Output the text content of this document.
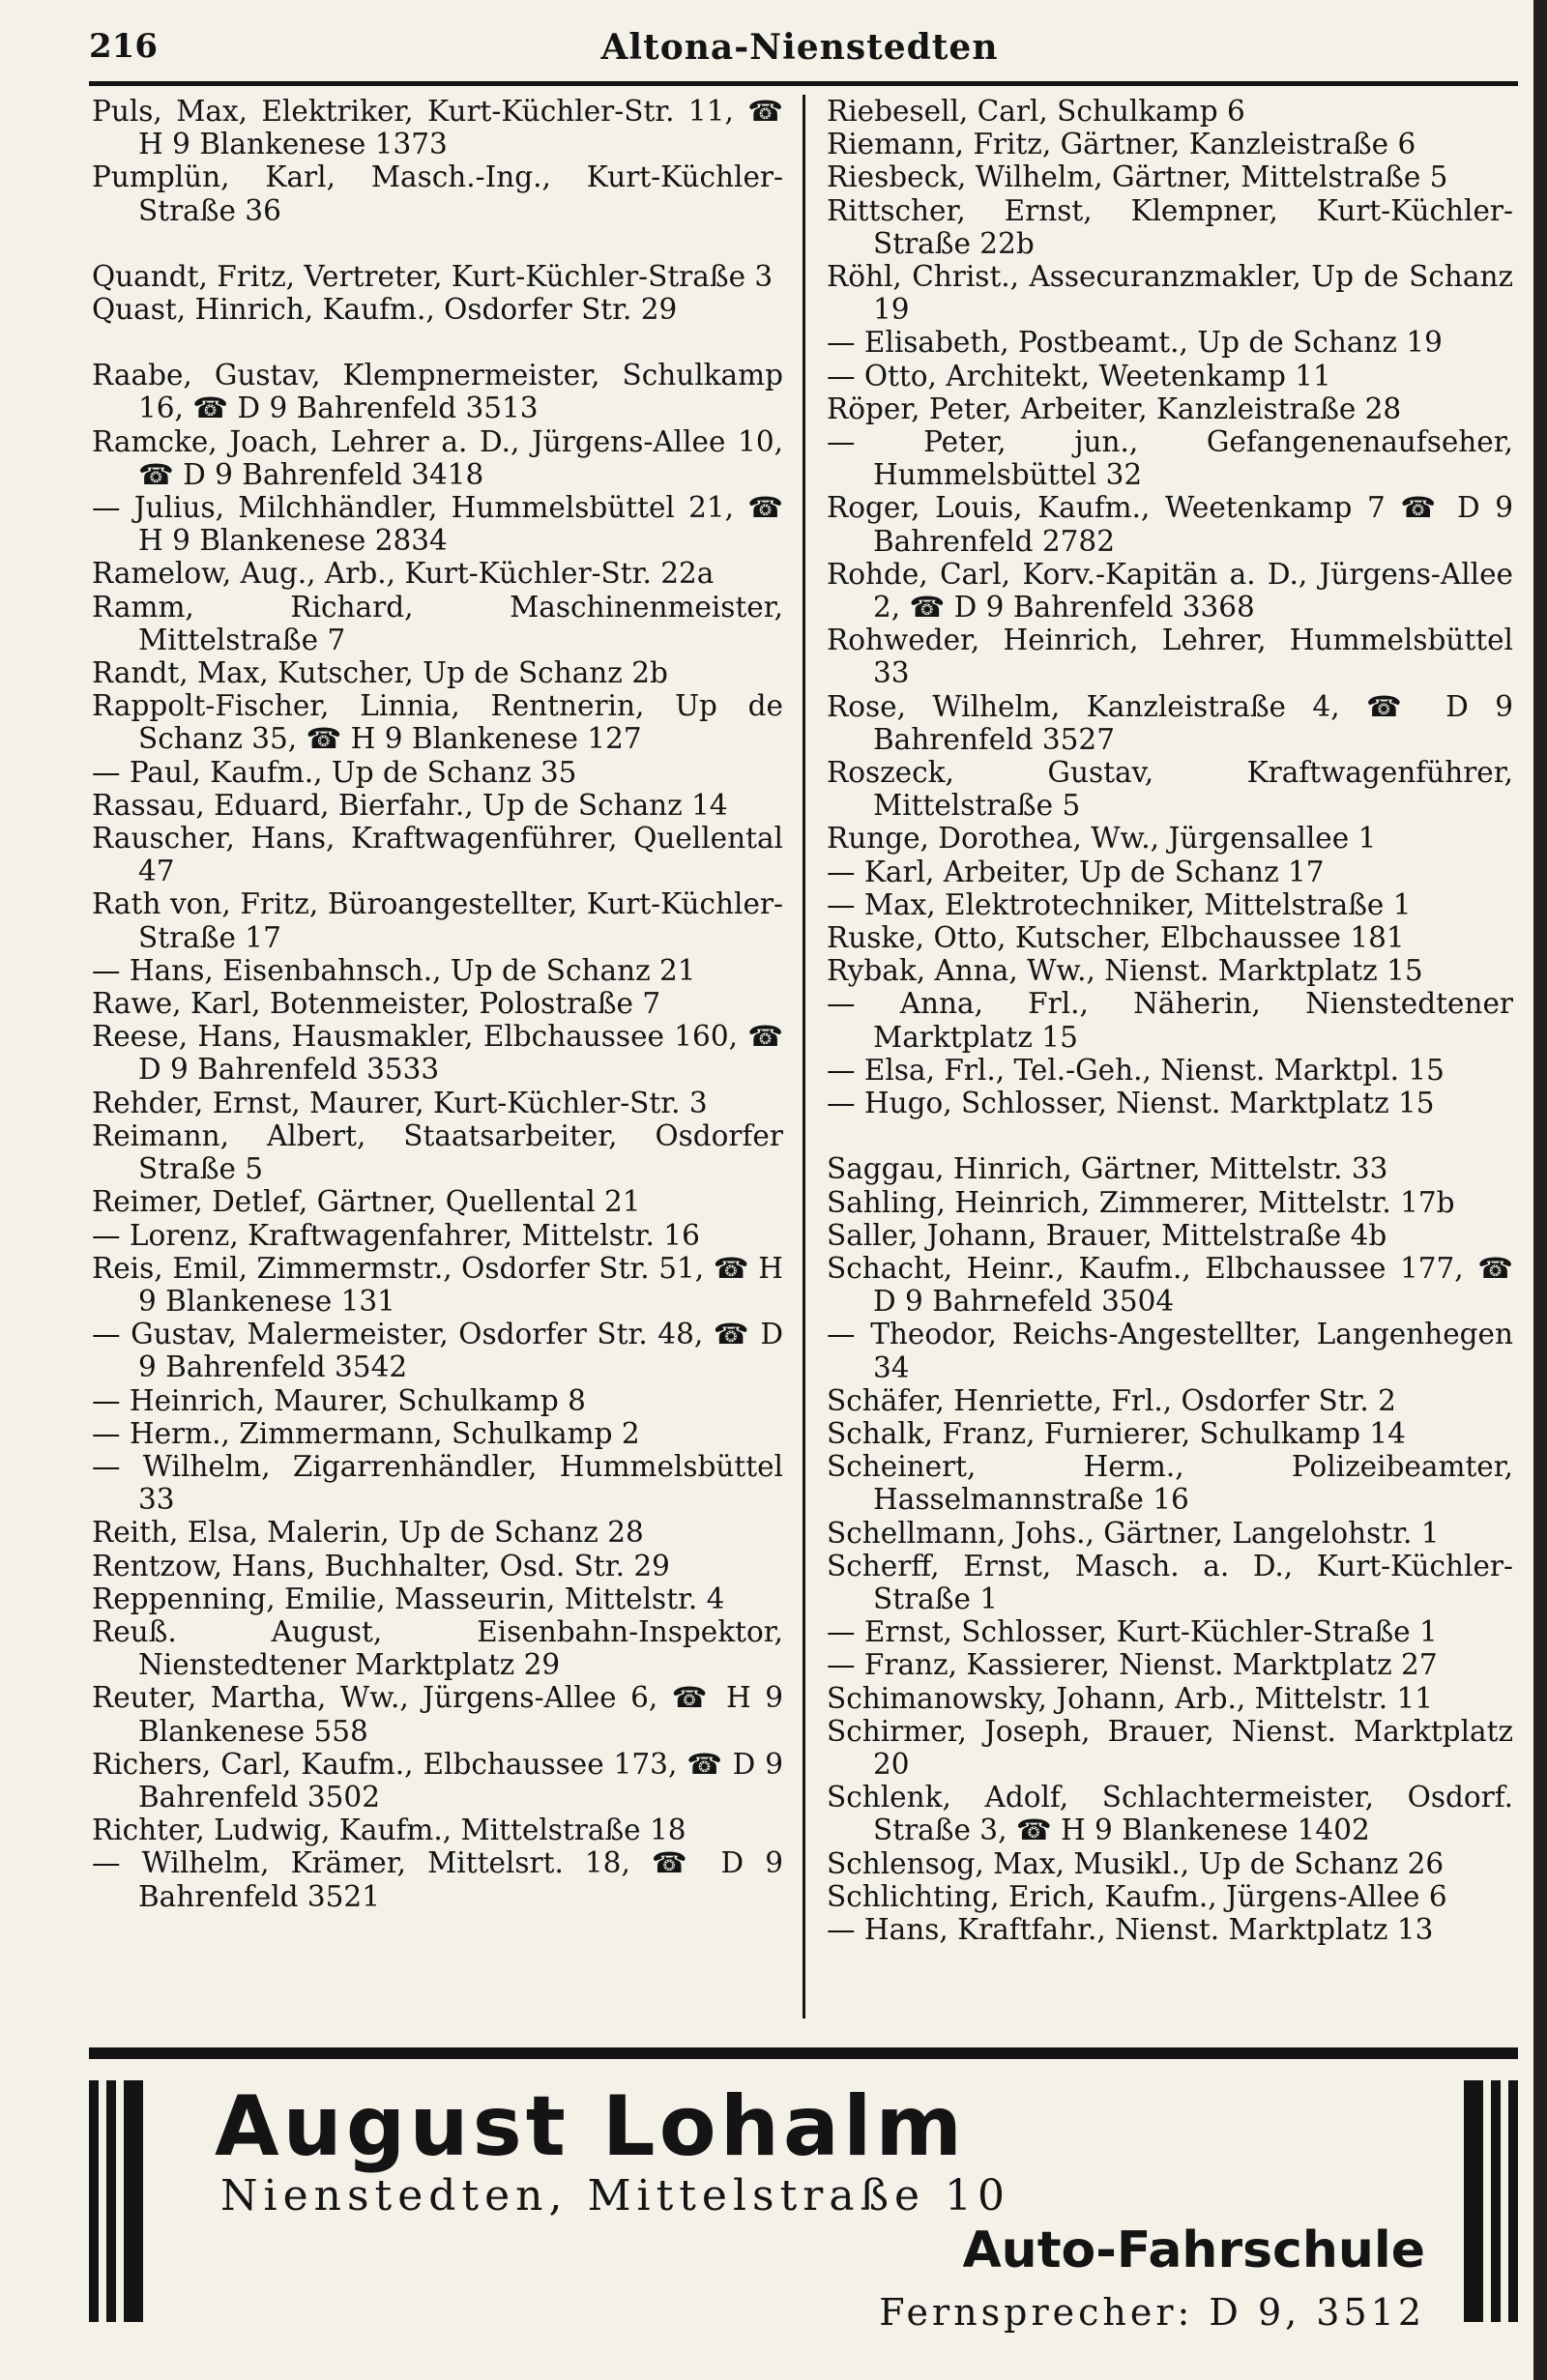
216	Altona-Nienstedten
Puls, Max, Elektriker, Kurt-Küchler-Str. 11, ☎ H 9 Blankenese 1373
Pumplün, Karl, Masch.-Ing., Kurt-Küchler-Straße 36
Quandt, Fritz, Vertreter, Kurt-Küchler-Straße 3
Quast, Hinrich, Kaufm., Osdorfer Str. 29
Raabe, Gustav, Klempnermeister, Schulkamp 16, ☎ D 9 Bahrenfeld 3513
Ramcke, Joach, Lehrer a. D., Jürgens-Allee 10, ☎ D 9 Bahrenfeld 3418
— Julius, Milchhändler, Hummelsbüttel 21, ☎ H 9 Blankenese 2834
Ramelow, Aug., Arb., Kurt-Küchler-Str. 22a
Ramm, Richard, Maschinenmeister, Mittelstraße 7
Randt, Max, Kutscher, Up de Schanz 2b
Rappolt-Fischer, Linnia, Rentnerin, Up de Schanz 35, ☎ H 9 Blankenese 127
— Paul, Kaufm., Up de Schanz 35
Rassau, Eduard, Bierfahr., Up de Schanz 14
Rauscher, Hans, Kraftwagenführer, Quellental 47
Rath von, Fritz, Büroangestellter, Kurt-Küchler-Straße 17
— Hans, Eisenbahnsch., Up de Schanz 21
Rawe, Karl, Botenmeister, Polostraße 7
Reese, Hans, Hausmakler, Elbchaussee 160, ☎ D 9 Bahrenfeld 3533
Rehder, Ernst, Maurer, Kurt-Küchler-Str. 3
Reimann, Albert, Staatsarbeiter, Osdorfer Straße 5
Reimer, Detlef, Gärtner, Quellental 21
— Lorenz, Kraftwagenfahrer, Mittelstr. 16
Reis, Emil, Zimmermstr., Osdorfer Str. 51, ☎ H 9 Blankenese 131
— Gustav, Malermeister, Osdorfer Str. 48, ☎ D 9 Bahrenfeld 3542
— Heinrich, Maurer, Schulkamp 8
— Herm., Zimmermann, Schulkamp 2
— Wilhelm, Zigarrenhändler, Hummelsbüttel 33
Reith, Elsa, Malerin, Up de Schanz 28
Rentzow, Hans, Buchhalter, Osd. Str. 29
Reppenning, Emilie, Masseurin, Mittelstr. 4
Reuß. August, Eisenbahn-Inspektor, Nienstedtener Marktplatz 29
Reuter, Martha, Ww., Jürgens-Allee 6, ☎ H 9 Blankenese 558
Richers, Carl, Kaufm., Elbchaussee 173, ☎ D 9 Bahrenfeld 3502
Richter, Ludwig, Kaufm., Mittelstraße 18
— Wilhelm, Krämer, Mittelsrt. 18, ☎ D 9 Bahrenfeld 3521
Riebesell, Carl, Schulkamp 6
Riemann, Fritz, Gärtner, Kanzleistraße 6
Riesbeck, Wilhelm, Gärtner, Mittelstraße 5
Rittscher, Ernst, Klempner, Kurt-Küchler-Straße 22b
Röhl, Christ., Assecuranzmakler, Up de Schanz 19
— Elisabeth, Postbeamt., Up de Schanz 19
— Otto, Architekt, Weetenkamp 11
Röper, Peter, Arbeiter, Kanzleistraße 28
— Peter, jun., Gefangenenaufseher, Hummelsbüttel 32
Roger, Louis, Kaufm., Weetenkamp 7 ☎ D 9 Bahrenfeld 2782
Rohde, Carl, Korv.-Kapitän a. D., Jürgens-Allee 2, ☎ D 9 Bahrenfeld 3368
Rohweder, Heinrich, Lehrer, Hummelsbüttel 33
Rose, Wilhelm, Kanzleistraße 4, ☎ D 9 Bahrenfeld 3527
Roszeck, Gustav, Kraftwagenführer, Mittelstraße 5
Runge, Dorothea, Ww., Jürgensallee 1
— Karl, Arbeiter, Up de Schanz 17
— Max, Elektrotechniker, Mittelstraße 1
Ruske, Otto, Kutscher, Elbchaussee 181
Rybak, Anna, Ww., Nienst. Marktplatz 15
— Anna, Frl., Näherin, Nienstedtener Marktplatz 15
— Elsa, Frl., Tel.-Geh., Nienst. Marktpl. 15
— Hugo, Schlosser, Nienst. Marktplatz 15
Saggau, Hinrich, Gärtner, Mittelstr. 33
Sahling, Heinrich, Zimmerer, Mittelstr. 17b
Saller, Johann, Brauer, Mittelstraße 4b
Schacht, Heinr., Kaufm., Elbchaussee 177, ☎ D 9 Bahrnefeld 3504
— Theodor, Reichs-Angestellter, Langenhegen 34
Schäfer, Henriette, Frl., Osdorfer Str. 2
Schalk, Franz, Furnierer, Schulkamp 14
Scheinert, Herm., Polizeibeamter, Hasselmannstraße 16
Schellmann, Johs., Gärtner, Langelohstr. 1
Scherff, Ernst, Masch. a. D., Kurt-Küchler-Straße 1
— Ernst, Schlosser, Kurt-Küchler-Straße 1
— Franz, Kassierer, Nienst. Marktplatz 27
Schimanowsky, Johann, Arb., Mittelstr. 11
Schirmer, Joseph, Brauer, Nienst. Marktplatz 20
Schlenk, Adolf, Schlachtermeister, Osdorf. Straße 3, ☎ H 9 Blankenese 1402
Schlensog, Max, Musikl., Up de Schanz 26
Schlichting, Erich, Kaufm., Jürgens-Allee 6
— Hans, Kraftfahr., Nienst. Marktplatz 13
August Lohalm
Nienstedten, Mittelstraße 10
Auto-Fahrschule
Fernsprecher: D 9, 3512
